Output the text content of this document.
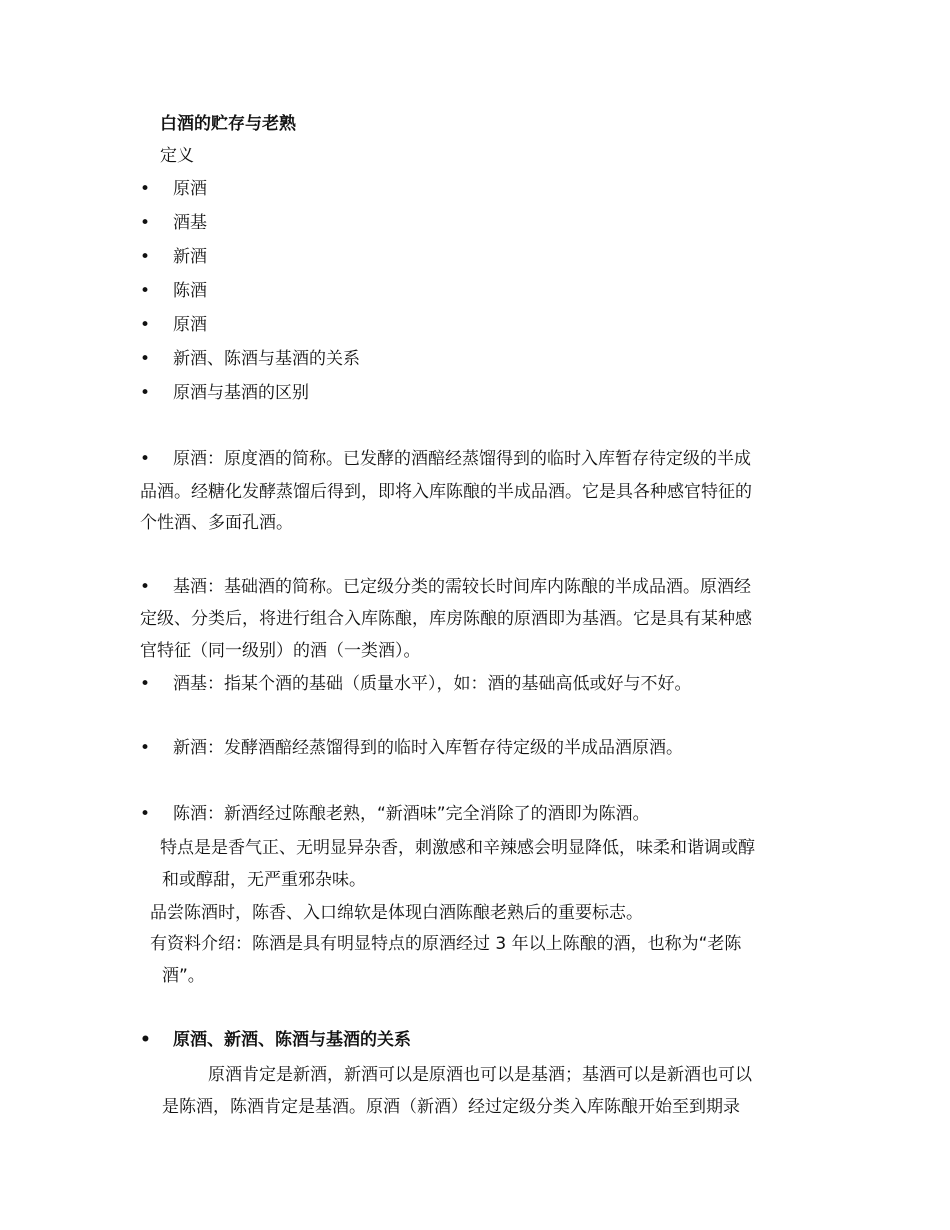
白酒的贮存与老熟
定义
• 原酒
• 酒基
• 新酒
• 陈酒
• 原酒
• 新酒、陈酒与基酒的关系
• 原酒与基酒的区别
• 原酒：原度酒的简称。已发酵的酒醅经蒸馏得到的临时入库暂存待定级的半成
品酒。经糖化发酵蒸馏后得到，即将入库陈酿的半成品酒。它是具各种感官特征的
个性酒、多面孔酒。
• 基酒：基础酒的简称。已定级分类的需较长时间库内陈酿的半成品酒。原酒经
定级、分类后，将进行组合入库陈酿，库房陈酿的原酒即为基酒。它是具有某种感
官特征（同一级别）的酒（一类酒）。
• 酒基：指某个酒的基础（质量水平），如：酒的基础高低或好与不好。
• 新酒：发酵酒醅经蒸馏得到的临时入库暂存待定级的半成品酒原酒。
• 陈酒：新酒经过陈酿老熟，“新酒味”完全消除了的酒即为陈酒。
特点是是香气正、无明显异杂香，刺激感和辛辣感会明显降低，味柔和谐调或醇
和或醇甜，无严重邪杂味。
品尝陈酒时，陈香、入口绵软是体现白酒陈酿老熟后的重要标志。
有资料介绍：陈酒是具有明显特点的原酒经过 3 年以上陈酿的酒，也称为“老陈
酒”。
• 原酒、新酒、陈酒与基酒的关系
原酒肯定是新酒，新酒可以是原酒也可以是基酒；基酒可以是新酒也可以
是陈酒，陈酒肯定是基酒。原酒（新酒）经过定级分类入库陈酿开始至到期录
